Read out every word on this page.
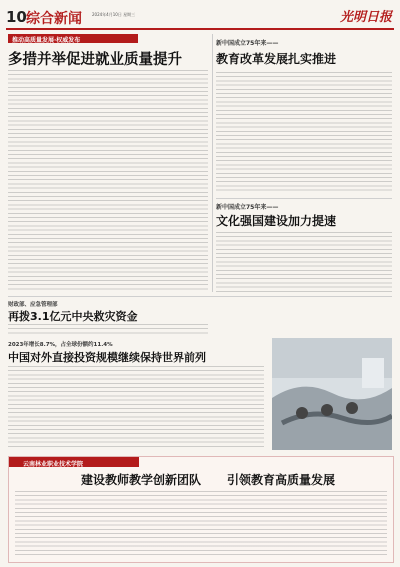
10 综合新闻	2024年4月10日 星期三	光明日报
推动高质量发展·权威发布
多措并举促进就业质量提升
新中国成立75年来——
教育改革发展扎实推进
新中国成立75年来——
文化强国建设加力提速
财政部、应急管理部
再拨3.1亿元中央救灾资金
2023年增长8.7%，占全球份额约11.4%
中国对外直接投资规模继续保持世界前列
云南林业职业技术学院
建设教师教学创新团队 引领教育高质量发展
